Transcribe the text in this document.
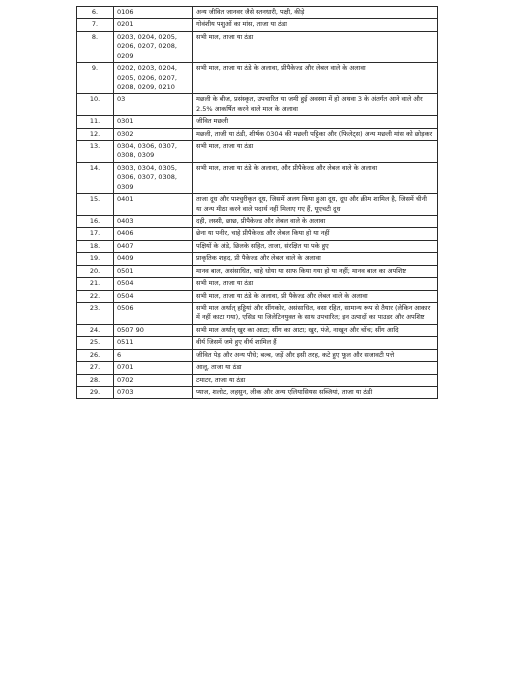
6.	0106	अन्य जीवित जानवर जैसे स्तनधारी, पक्षी, कीड़े
7.	0201	गोवंशीय पशुओं का मांस, ताजा या ठंडा
8.	0203, 0204, 0205, 0206, 0207, 0208, 0209	सभी माल, ताजा या ठंडा
9.	0202, 0203, 0204, 0205, 0206, 0207, 0208, 0209, 0210	सभी माल, ताजा या ठंडे के अलावा, प्रीपैकेज्ड और लेबल वाले के अलावा
10.	03	मछली के बीज, प्रसंस्कृत, उपचारित या जमी हुई अवस्था में हो अथवा 3 के अंतर्गत आने वाले और 2.5% आकर्षित करने वाले माल के अलावा
11.	0301	जीवित मछली
12.	0302	मछली, ताजी या ठंडी, शीर्षक 0304 की मछली पट्टिका और (फिलेट्स) अन्य मछली मांस को छोड़कर
13.	0304, 0306, 0307, 0308, 0309	सभी माल, ताजा या ठंडा
14.	0303, 0304, 0305, 0306, 0307, 0308, 0309	सभी माल, ताजा या ठंडे के अलावा, और प्रीपैकेज्ड और लेबल वाले के अलावा
15.	0401	ताजा दूध और पाश्चुरीकृत दूध, जिसमें अलग किया हुआ दूध, दूध और क्रीम शामिल है, जिसमें चीनी या अन्य मीठा करने वाले पदार्थ नहीं मिलाए गए हैं, यूएचटी दूध
16.	0403	दही, लस्सी, छाछ, प्रीपैकेज्ड और लेबल वाले के अलावा
17.	0406	छेना या पनीर, चाहे प्रीपैकेज्ड और लेबल किया हो या नहीं
18.	0407	पक्षियों के अंडे, छिलके सहित, ताजा, संरक्षित या पके हुए
19.	0409	प्राकृतिक शहद, प्री पैकेज्ड और लेबल वाले के अलावा
20.	0501	मानव बाल, असंसाधित, चाहे धोया या साफ किया गया हो या नहीं; मानव बाल का अपशिष्ट
21.	0504	सभी माल, ताजा या ठंडा
22.	0504	सभी माल, ताजा या ठंडे के अलावा, प्री पैकेज्ड और लेबल वाले के अलावा
23.	0506	सभी माल अर्थात् हड्डियां और सींगकोर, असंसाधित, वसा रहित, सामान्य रूप से तैयार (लेकिन आकार में नहीं काटा गया), एसिड या जिलेटिनयुक्त के साथ उपचारित; इन उत्पादों का पाउडर और अपशिष्ट
24.	0507 90	सभी माल अर्थात् खुर का आटा; सींग का आटा; खुर, पंजे, नाखून और चोंच; सींग आदि
25.	0511	वीर्य जिसमें जमे हुए वीर्य शामिल हैं
26.	6	जीवित पेड़ और अन्य पौधे; बल्ब, जड़ें और इसी तरह, कटे हुए फूल और सजावटी पत्ते
27.	0701	आलू, ताजा या ठंडा
28.	0702	टमाटर, ताजा या ठंडा
29.	0703	प्याज, शलोट, लहसुन, लीक और अन्य एलियासियस सब्जियां, ताजा या ठंडी
